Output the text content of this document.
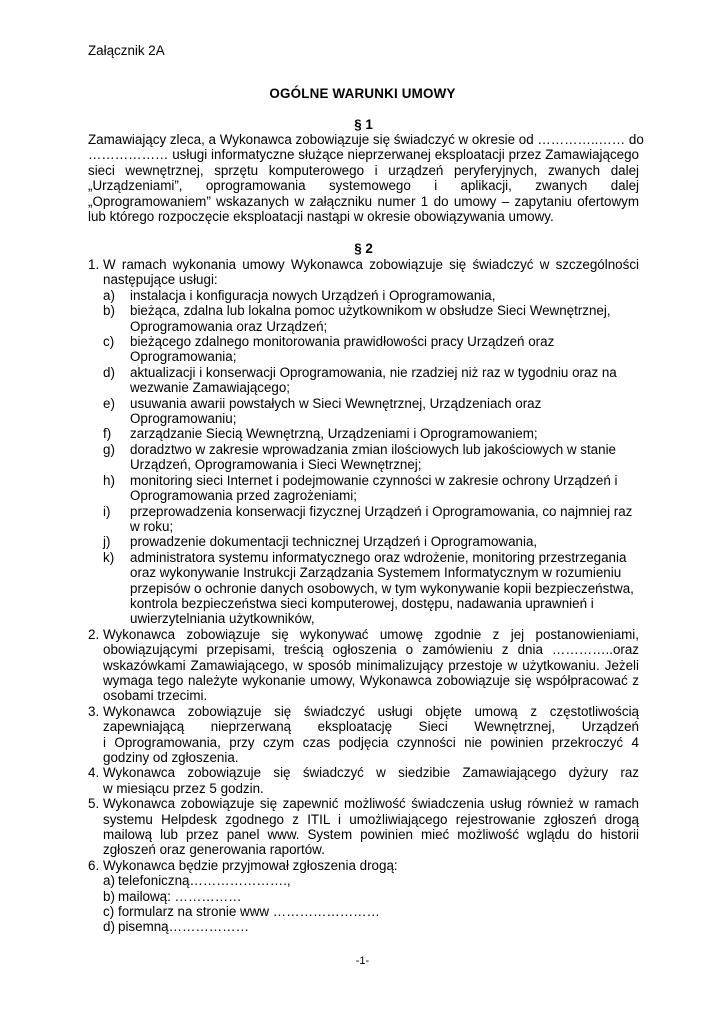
Załącznik 2A
OGÓLNE WARUNKI UMOWY
§ 1
Zamawiający zleca, a Wykonawca zobowiązuje się świadczyć w okresie od …………..…… do
……………… usługi informatyczne służące nieprzerwanej eksploatacji przez Zamawiającego
sieci wewnętrznej, sprzętu komputerowego i urządzeń peryferyjnych, zwanych dalej
„Urządzeniami”, oprogramowania systemowego i aplikacji, zwanych dalej
„Oprogramowaniem” wskazanych w załączniku numer 1 do umowy – zapytaniu ofertowym
lub którego rozpoczęcie eksploatacji nastąpi w okresie obowiązywania umowy.
§ 2
1. W ramach wykonania umowy Wykonawca zobowiązuje się świadczyć w szczególności
następujące usługi:
a) instalacja i konfiguracja nowych Urządzeń i Oprogramowania,
b) bieżąca, zdalna lub lokalna pomoc użytkownikom w obsłudze Sieci Wewnętrznej,
Oprogramowania oraz Urządzeń;
c) bieżącego zdalnego monitorowania prawidłowości pracy Urządzeń oraz
Oprogramowania;
d) aktualizacji i konserwacji Oprogramowania, nie rzadziej niż raz w tygodniu oraz na
wezwanie Zamawiającego;
e) usuwania awarii powstałych w Sieci Wewnętrznej, Urządzeniach oraz
Oprogramowaniu;
f) zarządzanie Siecią Wewnętrzną, Urządzeniami i Oprogramowaniem;
g) doradztwo w zakresie wprowadzania zmian ilościowych lub jakościowych w stanie
Urządzeń, Oprogramowania i Sieci Wewnętrznej;
h) monitoring sieci Internet i podejmowanie czynności w zakresie ochrony Urządzeń i
Oprogramowania przed zagrożeniami;
i) przeprowadzenia konserwacji fizycznej Urządzeń i Oprogramowania, co najmniej raz
w roku;
j) prowadzenie dokumentacji technicznej Urządzeń i Oprogramowania,
k) administratora systemu informatycznego oraz wdrożenie, monitoring przestrzegania
oraz wykonywanie Instrukcji Zarządzania Systemem Informatycznym w rozumieniu
przepisów o ochronie danych osobowych, w tym wykonywanie kopii bezpieczeństwa,
kontrola bezpieczeństwa sieci komputerowej, dostępu, nadawania uprawnień i
uwierzytelniania użytkowników,
2. Wykonawca zobowiązuje się wykonywać umowę zgodnie z jej postanowieniami,
obowiązującymi przepisami, treścią ogłoszenia o zamówieniu z dnia …………..oraz
wskazówkami Zamawiającego, w sposób minimalizujący przestoje w użytkowaniu. Jeżeli
wymaga tego należyte wykonanie umowy, Wykonawca zobowiązuje się współpracować z
osobami trzecimi.
3. Wykonawca zobowiązuje się świadczyć usługi objęte umową z częstotliwością
zapewniającą nieprzerwaną eksploatację Sieci Wewnętrznej, Urządzeń
i Oprogramowania, przy czym czas podjęcia czynności nie powinien przekroczyć 4
godziny od zgłoszenia.
4. Wykonawca zobowiązuje się świadczyć w siedzibie Zamawiającego dyżury raz
w miesiącu przez 5 godzin.
5. Wykonawca zobowiązuje się zapewnić możliwość świadczenia usług również w ramach
systemu Helpdesk zgodnego z ITIL i umożliwiającego rejestrowanie zgłoszeń drogą
mailową lub przez panel www. System powinien mieć możliwość wglądu do historii
zgłoszeń oraz generowania raportów.
6. Wykonawca będzie przyjmował zgłoszenia drogą:
a) telefoniczną………………….,
b) mailową: ……………
c) formularz na stronie www ……………………
d) pisemną………………
-1-
